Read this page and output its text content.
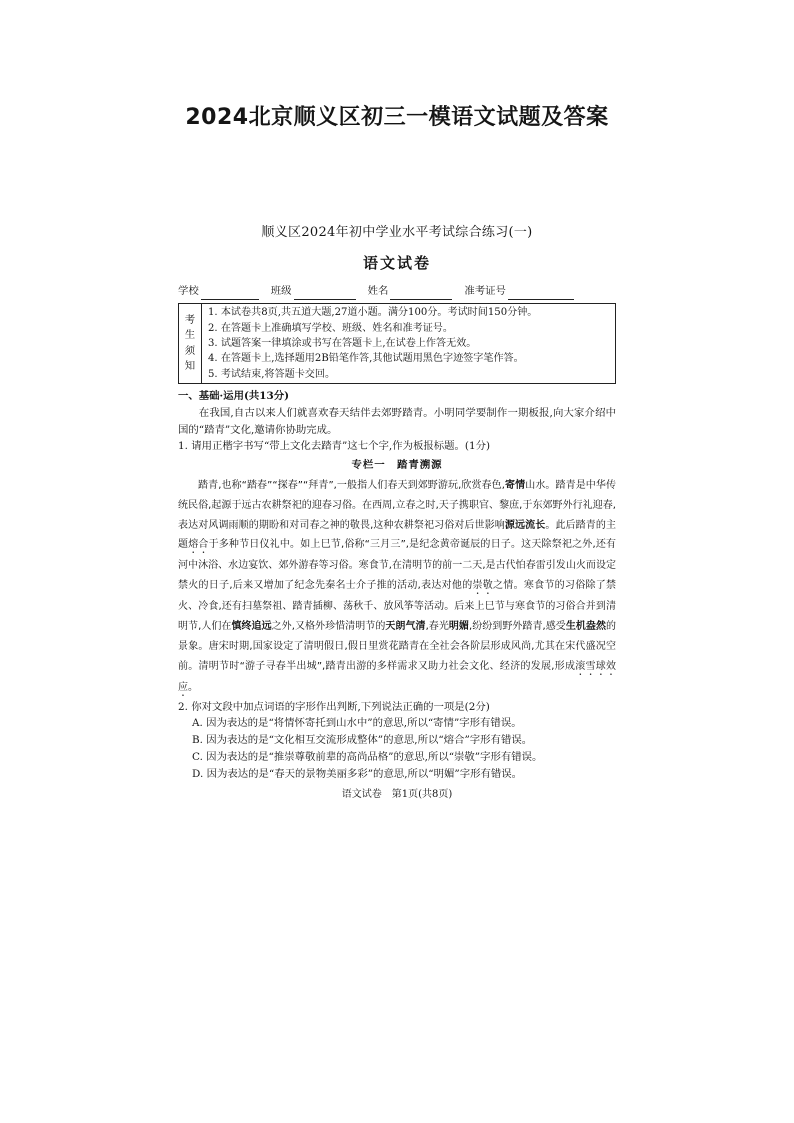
2024北京顺义区初三一模语文试题及答案
顺义区2024年初中学业水平考试综合练习(一)
语文试卷
学校	班级	姓名	准考证号
考
生
须
知
1. 本试卷共8页,共五道大题,27道小题。满分100分。考试时间150分钟。
2. 在答题卡上准确填写学校、班级、姓名和准考证号。
3. 试题答案一律填涂或书写在答题卡上,在试卷上作答无效。
4. 在答题卡上,选择题用2B铅笔作答,其他试题用黑色字迹签字笔作答。
5. 考试结束,将答题卡交回。
一、基础·运用(共13分)

在我国,自古以来人们就喜欢春天结伴去郊野踏青。小明同学要制作一期板报,向大家介绍中国的“踏青”文化,邀请你协助完成。

1. 请用正楷字书写“带上文化去踏青”这七个字,作为板报标题。(1分)

专栏一　踏青溯源

踏青,也称“踏春”“探春”“拜青”,一般指人们春天到郊野游玩,欣赏春色,寄情山水。踏青是中华传统民俗,起源于远古农耕祭祀的迎春习俗。在西周,立春之时,天子携职官、黎庶,于东郊野外行礼迎春,表达对风调雨顺的期盼和对司春之神的敬畏,这种农耕祭祀习俗对后世影响源远流长。此后踏青的主题熔合于多种节日仪礼中。如上巳节,俗称“三月三”,是纪念黄帝诞辰的日子。这天除祭祀之外,还有河中沐浴、水边宴饮、郊外游春等习俗。寒食节,在清明节的前一二天,是古代怕春雷引发山火而设定禁火的日子,后来又增加了纪念先秦名士介子推的活动,表达对他的崇敬之情。寒食节的习俗除了禁火、冷食,还有扫墓祭祖、踏青插柳、荡秋千、放风筝等活动。后来上巳节与寒食节的习俗合并到清明节,人们在慎终追远之外,又格外珍惜清明节的天朗气清,春光明媚,纷纷到野外踏青,感受生机盎然的景象。唐宋时期,国家设定了清明假日,假日里赏花踏青在全社会各阶层形成风尚,尤其在宋代盛况空前。清明节时“游子寻春半出城”,踏青出游的多样需求又助力社会文化、经济的发展,形成滚雪球效应。

2. 你对文段中加点词语的字形作出判断,下列说法正确的一项是(2分)

A. 因为表达的是“将情怀寄托到山水中”的意思,所以“寄情”字形有错误。

B. 因为表达的是“文化相互交流形成整体”的意思,所以“熔合”字形有错误。

C. 因为表达的是“推崇尊敬前辈的高尚品格”的意思,所以“崇敬”字形有错误。

D. 因为表达的是“春天的景物美丽多彩”的意思,所以“明媚”字形有错误。

语文试卷　第1页(共8页)
